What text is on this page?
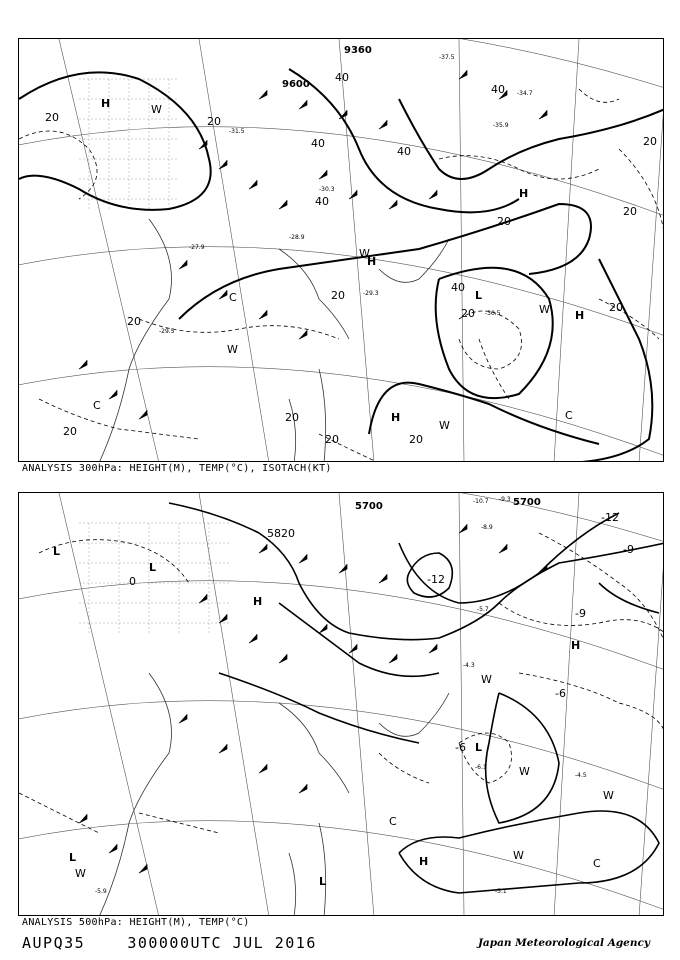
9360
9600
20	20
40
40
40
40
40
20
20
20
20
40
20	20
20
20
20
20	20
H
H
H
H
H
L
C
C
C
W
W
W
W
W
-37.5
-34.7
-35.9
-30.3
-29.3
-30.5
-31.5
-29.5
-27.9
-28.9
ANALYSIS 300hPa: HEIGHT(M), TEMP(°C), ISOTACH(KT)
5700	5700
5820
-12
-12
-9
-9
-6
-6
0
H
H
H
L
L
L
L
L
C
C
W
W
W
W
W
-10.7 -9.3
-8.9
-5.7
-4.5
-4.3
-6.1
-5.9	-5.1
ANALYSIS 500hPa: HEIGHT(M), TEMP(°C)
AUPQ35	300000UTC JUL 2016	Japan Meteorological Agency
